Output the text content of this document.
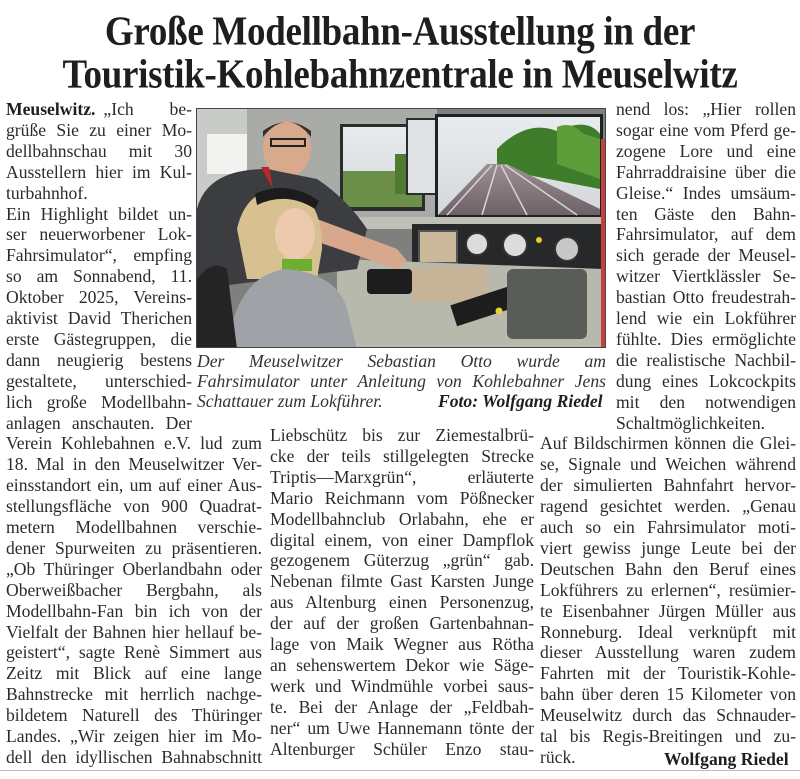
Große Modellbahn-Ausstellung in der
Touristik-Kohlebahnzentrale in Meuselwitz
Meuselwitz. „Ich be-
grüße Sie zu einer Mo-
dellbahnschau mit 30
Ausstellern hier im Kul-
turbahnhof.
Ein Highlight bildet un-
ser neuerworbener Lok-
Fahrsimulator“, empfing
so am Sonnabend, 11.
Oktober 2025, Vereins-
aktivist David Therichen
erste Gästegruppen, die
dann neugierig bestens
gestaltete, unterschied-
lich große Modellbahn-
anlagen anschauten. Der
Verein Kohlebahnen e.V. lud zum
18. Mal in den Meuselwitzer Ver-
einsstandort ein, um auf einer Aus-
stellungsfläche von 900 Quadrat-
metern Modellbahnen verschie-
dener Spurweiten zu präsentieren.
„Ob Thüringer Oberlandbahn oder
Oberweißbacher Bergbahn, als
Modellbahn-Fan bin ich von der
Vielfalt der Bahnen hier hellauf be-
geistert“, sagte Renè Simmert aus
Zeitz mit Blick auf eine lange
Bahnstrecke mit herrlich nachge-
bildetem Naturell des Thüringer
Landes. „Wir zeigen hier im Mo-
dell den idyllischen Bahnabschnitt
Der Meuselwitzer Sebastian Otto wurde am
Fahrsimulator unter Anleitung von Kohlebahner Jens
Schattauer zum Lokführer.	Foto: Wolfgang Riedel
Liebschütz bis zur Ziemestalbrü-
cke der teils stillgelegten Strecke
Triptis—Marxgrün“, erläuterte
Mario Reichmann vom Pößnecker
Modellbahnclub Orlabahn, ehe er
digital einem, von einer Dampflok
gezogenem Güterzug „grün“ gab.
Nebenan filmte Gast Karsten Junge
aus Altenburg einen Personenzug,
der auf der großen Gartenbahnan-
lage von Maik Wegner aus Rötha
an sehenswertem Dekor wie Säge-
werk und Windmühle vorbei saus-
te. Bei der Anlage der „Feldbah-
ner“ um Uwe Hannemann tönte der
Altenburger Schüler Enzo stau-
nend los: „Hier rollen
sogar eine vom Pferd ge-
zogene Lore und eine
Fahrraddraisine über die
Gleise.“ Indes umsäum-
ten Gäste den Bahn-
Fahrsimulator, auf dem
sich gerade der Meusel-
witzer Viertklässler Se-
bastian Otto freudestrah-
lend wie ein Lokführer
fühlte. Dies ermöglichte
die realistische Nachbil-
dung eines Lokcockpits
mit den notwendigen
Schaltmöglichkeiten.
Auf Bildschirmen können die Glei-
se, Signale und Weichen während
der simulierten Bahnfahrt hervor-
ragend gesichtet werden. „Genau
auch so ein Fahrsimulator moti-
viert gewiss junge Leute bei der
Deutschen Bahn den Beruf eines
Lokführers zu erlernen“, resümier-
te Eisenbahner Jürgen Müller aus
Ronneburg. Ideal verknüpft mit
dieser Ausstellung waren zudem
Fahrten mit der Touristik-Kohle-
bahn über deren 15 Kilometer von
Meuselwitz durch das Schnauder-
tal bis Regis-Breitingen und zu-
rück.	Wolfgang Riedel
